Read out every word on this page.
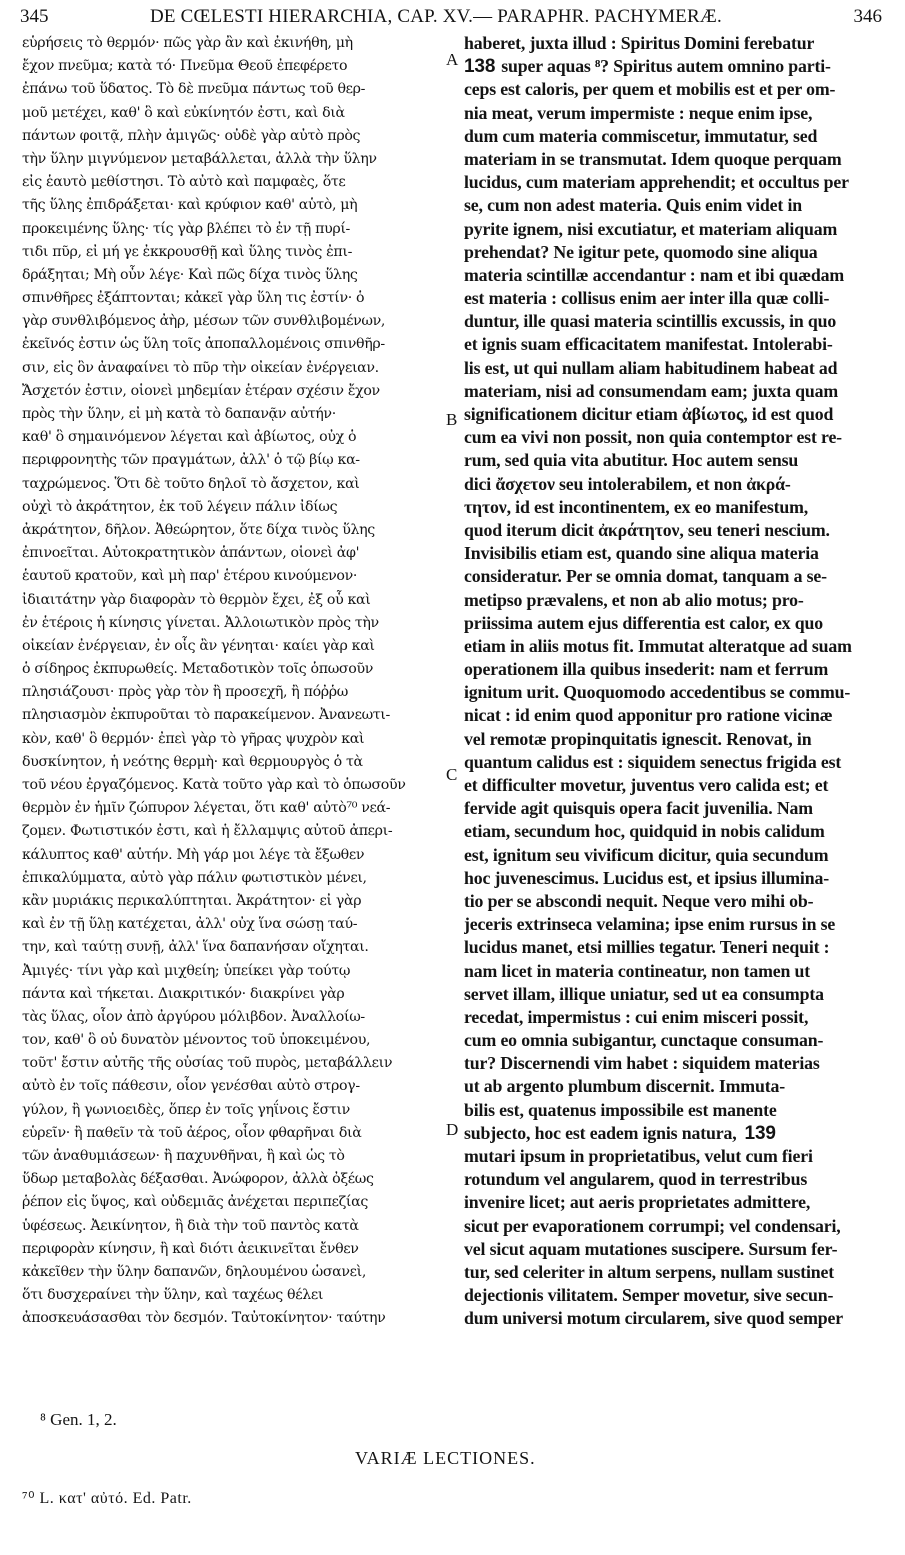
345	DE CŒLESTI HIERARCHIA, CAP. XV.— PARAPHR. PACHYMERÆ.	346
εὑρήσεις τὸ θερμόν· πῶς γὰρ ἂν καὶ ἐκινήθη, μὴ
ἔχον πνεῦμα; κατὰ τό· Πνεῦμα Θεοῦ ἐπεφέρετο
ἐπάνω τοῦ ὕδατος. Τὸ δὲ πνεῦμα πάντως τοῦ θερ-
μοῦ μετέχει, καθ' ὃ καὶ εὐκίνητόν ἐστι, καὶ διὰ
πάντων φοιτᾷ, πλὴν ἀμιγῶς· οὐδὲ γὰρ αὐτὸ πρὸς
τὴν ὕλην μιγνύμενον μεταβάλλεται, ἀλλὰ τὴν ὕλην
εἰς ἑαυτὸ μεθίστησι. Τὸ αὐτὸ καὶ παμφαὲς, ὅτε
τῆς ὕλης ἐπιδράξεται· καὶ κρύφιον καθ' αὑτὸ, μὴ
προκειμένης ὕλης· τίς γὰρ βλέπει τὸ ἐν τῇ πυρί-
τιδι πῦρ, εἰ μή γε ἐκκρουσθῇ καὶ ὕλης τινὸς ἐπι-
δράξηται; Μὴ οὖν λέγε· Καὶ πῶς δίχα τινὸς ὕλης
σπινθῆρες ἐξάπτονται; κἀκεῖ γὰρ ὕλη τις ἐστίν· ὁ
γὰρ συνθλιβόμενος ἀὴρ, μέσων τῶν συνθλιβομένων,
ἐκεῖνός ἐστιν ὡς ὕλη τοῖς ἀποπαλλομένοις σπινθῆρ-
σιν, εἰς ὃν ἀναφαίνει τὸ πῦρ τὴν οἰκείαν ἐνέργειαν.
Ἄσχετόν ἐστιν, οἱονεὶ μηδεμίαν ἑτέραν σχέσιν ἔχον
πρὸς τὴν ὕλην, εἰ μὴ κατὰ τὸ δαπανᾷν αὐτήν·
καθ' ὃ σημαινόμενον λέγεται καὶ ἀβίωτος, οὐχ ὁ
περιφρονητὴς τῶν πραγμάτων, ἀλλ' ὁ τῷ βίῳ κα-
ταχρώμενος. Ὅτι δὲ τοῦτο δηλοῖ τὸ ἄσχετον, καὶ
οὐχὶ τὸ ἀκράτητον, ἐκ τοῦ λέγειν πάλιν ἰδίως
ἀκράτητον, δῆλον. Ἀθεώρητον, ὅτε δίχα τινὸς ὕλης
ἐπινοεῖται. Αὐτοκρατητικὸν ἁπάντων, οἱονεὶ ἀφ'
ἑαυτοῦ κρατοῦν, καὶ μὴ παρ' ἑτέρου κινούμενον·
ἰδιαιτάτην γὰρ διαφορὰν τὸ θερμὸν ἔχει, ἐξ οὗ καὶ
ἐν ἑτέροις ἡ κίνησις γίνεται. Ἀλλοιωτικὸν πρὸς τὴν
οἰκείαν ἐνέργειαν, ἐν οἷς ἂν γένηται· καίει γὰρ καὶ
ὁ σίδηρος ἐκπυρωθείς. Μεταδοτικὸν τοῖς ὁπωσοῦν
πλησιάζουσι· πρὸς γὰρ τὸν ἢ προσεχῆ, ἢ πόῤῥω
πλησιασμὸν ἐκπυροῦται τὸ παρακείμενον. Ἀνανεωτι-
κὸν, καθ' ὃ θερμόν· ἐπεὶ γὰρ τὸ γῆρας ψυχρὸν καὶ
δυσκίνητον, ἡ νεότης θερμὴ· καὶ θερμουργὸς ὁ τὰ
τοῦ νέου ἐργαζόμενος. Κατὰ τοῦτο γὰρ καὶ τὸ ὁπωσοῦν
θερμὸν ἐν ἡμῖν ζώπυρον λέγεται, ὅτι καθ' αὐτὸ⁷⁰ νεά-
ζομεν. Φωτιστικόν ἐστι, καὶ ἡ ἔλλαμψις αὐτοῦ ἀπερι-
κάλυπτος καθ' αὑτήν. Μὴ γάρ μοι λέγε τὰ ἔξωθεν
ἐπικαλύμματα, αὐτὸ γὰρ πάλιν φωτιστικὸν μένει,
κἂν μυριάκις περικαλύπτηται. Ἀκράτητον· εἰ γὰρ
καὶ ἐν τῇ ὕλῃ κατέχεται, ἀλλ' οὐχ ἵνα σώσῃ ταύ-
την, καὶ ταύτῃ συνῇ, ἀλλ' ἵνα δαπανήσαν οἴχηται.
Ἀμιγές· τίνι γὰρ καὶ μιχθείη; ὑπείκει γὰρ τούτῳ
πάντα καὶ τήκεται. Διακριτικόν· διακρίνει γὰρ
τὰς ὕλας, οἷον ἀπὸ ἀργύρου μόλιβδον. Ἀναλλοίω-
τον, καθ' ὃ οὐ δυνατὸν μένοντος τοῦ ὑποκειμένου,
τοῦτ' ἔστιν αὐτῆς τῆς οὐσίας τοῦ πυρὸς, μεταβάλλειν
αὐτὸ ἐν τοῖς πάθεσιν, οἷον γενέσθαι αὐτὸ στρογ-
γύλον, ἢ γωνιοειδὲς, ὅπερ ἐν τοῖς γηΐνοις ἔστιν
εὑρεῖν· ἢ παθεῖν τὰ τοῦ ἀέρος, οἷον φθαρῆναι διὰ
τῶν ἀναθυμιάσεων· ἢ παχυνθῆναι, ἢ καὶ ὡς τὸ
ὕδωρ μεταβολὰς δέξασθαι. Ἀνώφορον, ἀλλὰ ὀξέως
ῥέπον εἰς ὕψος, καὶ οὐδεμιᾶς ἀνέχεται περιπεζίας
ὑφέσεως. Ἀεικίνητον, ἢ διὰ τὴν τοῦ παντὸς κατὰ
περιφορὰν κίνησιν, ἢ καὶ διότι ἀεικινεῖται ἔνθεν
κἀκεῖθεν τὴν ὕλην δαπανῶν, δηλουμένου ὡσανεὶ,
ὅτι δυσχεραίνει τὴν ὕλην, καὶ ταχέως θέλει
ἀποσκευάσασθαι τὸν δεσμόν. Ταὐτοκίνητον· ταύτην
A
B
C
D
haberet, juxta illud : Spiritus Domini ferebatur
138 super aquas ⁸? Spiritus autem omnino parti-
ceps est caloris, per quem et mobilis est et per om-
nia meat, verum impermiste : neque enim ipse,
dum cum materia commiscetur, immutatur, sed
materiam in se transmutat. Idem quoque perquam
lucidus, cum materiam apprehendit; et occultus per
se, cum non adest materia. Quis enim videt in
pyrite ignem, nisi excutiatur, et materiam aliquam
prehendat? Ne igitur pete, quomodo sine aliqua
materia scintillæ accendantur : nam et ibi quædam
est materia : collisus enim aer inter illa quæ colli-
duntur, ille quasi materia scintillis excussis, in quo
et ignis suam efficacitatem manifestat. Intolerabi-
lis est, ut qui nullam aliam habitudinem habeat ad
materiam, nisi ad consumendam eam; juxta quam
significationem dicitur etiam ἀβίωτος, id est quod
cum ea vivi non possit, non quia contemptor est re-
rum, sed quia vita abutitur. Hoc autem sensu
dici ἄσχετον seu intolerabilem, et non ἀκρά-
τητον, id est incontinentem, ex eo manifestum,
quod iterum dicit ἀκράτητον, seu teneri nescium.
Invisibilis etiam est, quando sine aliqua materia
consideratur. Per se omnia domat, tanquam a se-
metipso prævalens, et non ab alio motus; pro-
priissima autem ejus differentia est calor, ex quo
etiam in aliis motus fit. Immutat alteratque ad suam
operationem illa quibus insederit: nam et ferrum
ignitum urit. Quoquomodo accedentibus se commu-
nicat : id enim quod apponitur pro ratione vicinæ
vel remotæ propinquitatis ignescit. Renovat, in
quantum calidus est : siquidem senectus frigida est
et difficulter movetur, juventus vero calida est; et
fervide agit quisquis opera facit juvenilia. Nam
etiam, secundum hoc, quidquid in nobis calidum
est, ignitum seu vivificum dicitur, quia secundum
hoc juvenescimus. Lucidus est, et ipsius illumina-
tio per se abscondi nequit. Neque vero mihi ob-
jeceris extrinseca velamina; ipse enim rursus in se
lucidus manet, etsi millies tegatur. Teneri nequit :
nam licet in materia contineatur, non tamen ut
servet illam, illique uniatur, sed ut ea consumpta
recedat, impermistus : cui enim misceri possit,
cum eo omnia subigantur, cunctaque consuman-
tur? Discernendi vim habet : siquidem materias
ut ab argento plumbum discernit. Immuta-
bilis est, quatenus impossibile est manente
subjecto, hoc est eadem ignis natura, 139
mutari ipsum in proprietatibus, velut cum fieri
rotundum vel angularem, quod in terrestribus
invenire licet; aut aeris proprietates admittere,
sicut per evaporationem corrumpi; vel condensari,
vel sicut aquam mutationes suscipere. Sursum fer-
tur, sed celeriter in altum serpens, nullam sustinet
dejectionis vilitatem. Semper movetur, sive secun-
dum universi motum circularem, sive quod semper
⁸ Gen. 1, 2.
VARIÆ LECTIONES.
⁷⁰ L. κατ' αὐτό. Ed. Patr.
